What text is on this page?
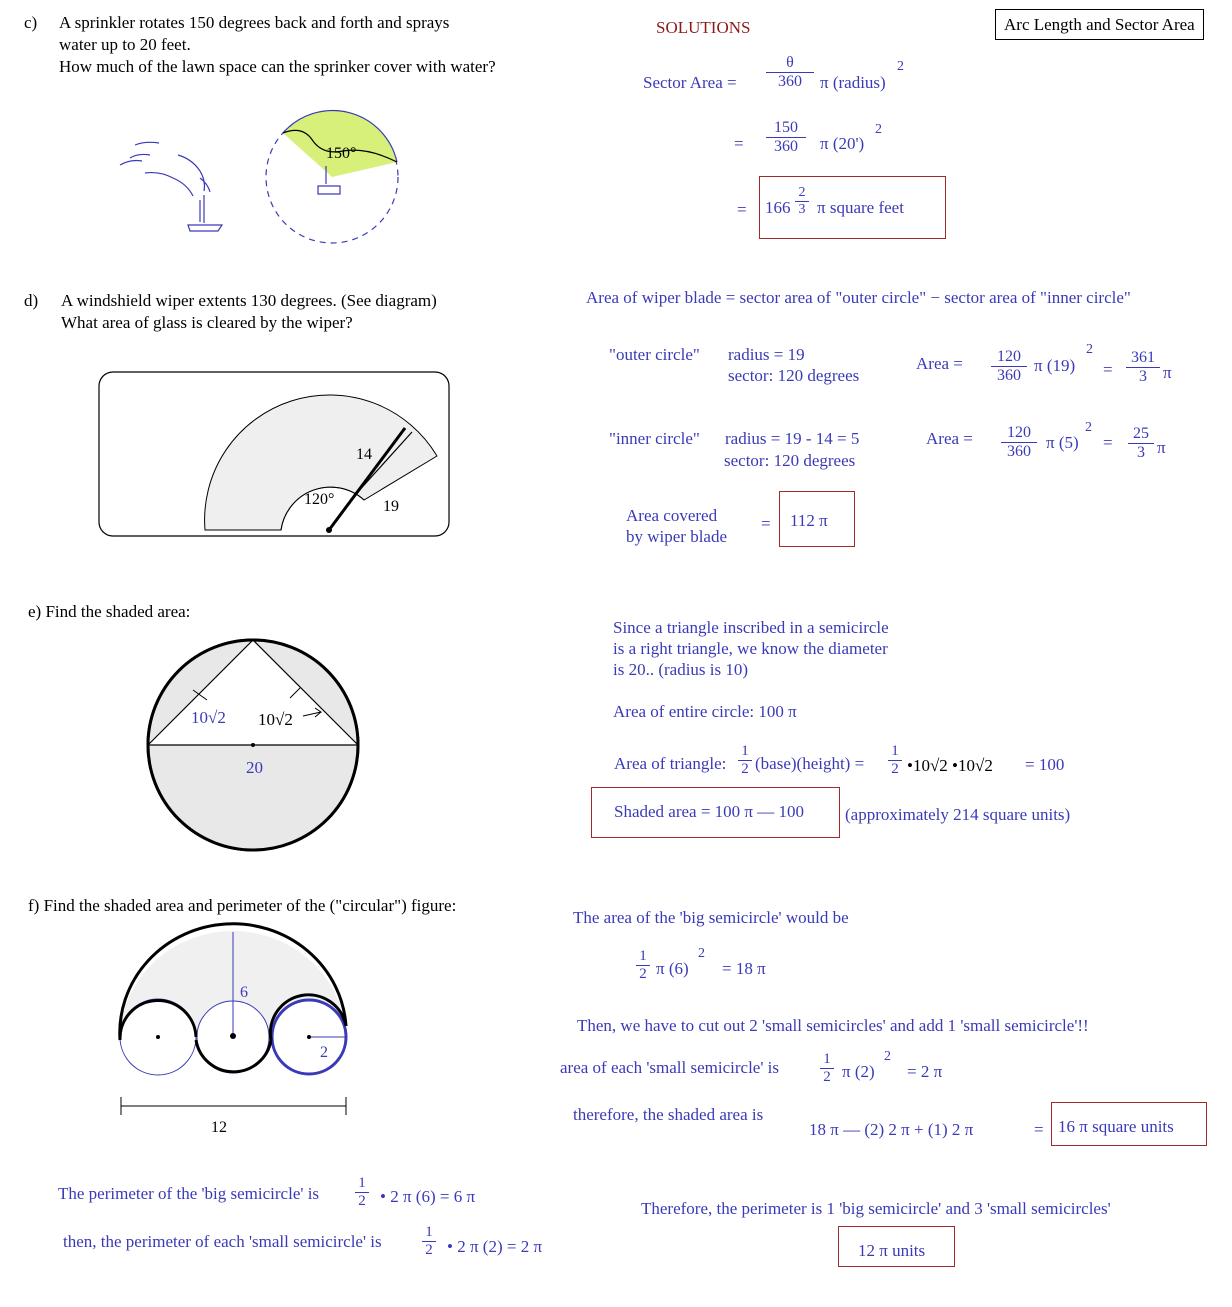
SOLUTIONS	Arc Length and Sector Area
c) A sprinkler rotates 150 degrees back and forth and sprays
water up to 20 feet.
How much of the lawn space can the sprinker cover with water?
150°
Sector Area = $\frac{\theta}{360}$ π (radius)
2
= $\frac{150}{360}$ π (20')
2
= $166 \frac{2}{3}$ π square feet
d) A windshield wiper extents 130 degrees. (See diagram)
What area of glass is cleared by the wiper?
14
19
120°
Area of wiper blade = sector area of "outer circle" − sector area of "inner circle"
"outer circle" radius = 19
sector: 120 degrees
Area = $\frac{120}{360}$ π (19)
2
= $\frac{361}{3}$ π
"inner circle" radius = 19 - 14 = 5
sector: 120 degrees
Area = $\frac{120}{360}$ π (5)
2
= $\frac{25}{3}$ π
Area covered
by wiper blade
= 112 π
e) Find the shaded area:
10√2 10√2
20
Since a triangle inscribed in a semicircle
is a right triangle, we know the diameter
is 20.. (radius is 10)
Area of entire circle: 100 π
Area of triangle: $\frac{1}{2}$ (base)(height) = $\frac{1}{2}$ •10√2 •10√2 = 100
Shaded area = 100 π — 100 (approximately 214 square units)
f) Find the shaded area and perimeter of the ("circular") figure:
6
2
12
The area of the 'big semicircle' would be
$\frac{1}{2}$ π (6)
2
= 18 π
Then, we have to cut out 2 'small semicircles' and add 1 'small semicircle'!!
area of each 'small semicircle' is	$\frac{1}{2}$ π (2)
2
= 2 π
therefore, the shaded area is
18 π — (2) 2 π + (1) 2 π	= 16 π square units
The perimeter of the 'big semicircle' is $\frac{1}{2}$ • 2 π (6) = 6 π
then, the perimeter of each 'small semicircle' is	$\frac{1}{2}$ • 2 π (2) = 2 π
Therefore, the perimeter is 1 'big semicircle' and 3 'small semicircles'
12 π units
